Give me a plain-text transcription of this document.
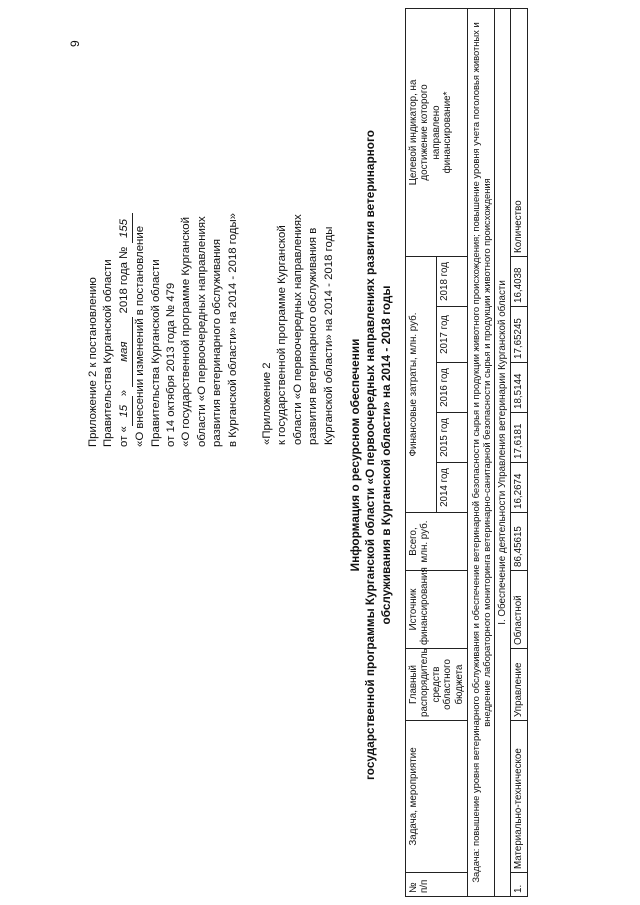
9
Приложение 2 к постановлению Правительства Курганской области от «15» мая 2018 года № 155 «О внесении изменений в постановление Правительства Курганской области от 14 октября 2013 года № 479 «О государственной программе Курганской области «О первоочередных направлениях развития ветеринарного обслуживания в Курганской области» на 2014 - 2018 годы» «Приложение 2 к государственной программе Курганской области «О первоочередных направлениях развития ветеринарного обслуживания в Курганской области» на 2014 - 2018 годы
Информация о ресурсном обеспечении государственной программы Курганской области «О первоочередных направлениях развития ветеринарного обслуживания в Курганской области» на 2014 - 2018 годы
№ п/п	Задача, мероприятие	Главный распорядитель средств областного бюджета	Источник финансирования	Всего, млн. руб.	Финансовые затраты, млн. руб.					Целевой индикатор, на достижение которого направлено финансирование*
					2014 год	2015 год	2016 год	2017 год	2018 год	
Задача: повышение уровня ветеринарного обслуживания и обеспечение ветеринарной безопасности сырья и продукции животного происхождения; повышение уровня учета поголовья животных и внедрение лабораторного мониторинга ветеринарно-санитарной безопасности сырья и продукции животного происхождения										
I. Обеспечение деятельности Управления ветеринарии Курганской области										
1.	Материально-техническое	Управление	Областной	86,45615	16,2674	17,6181	18,5144	17,65245	16,4038	Количество
